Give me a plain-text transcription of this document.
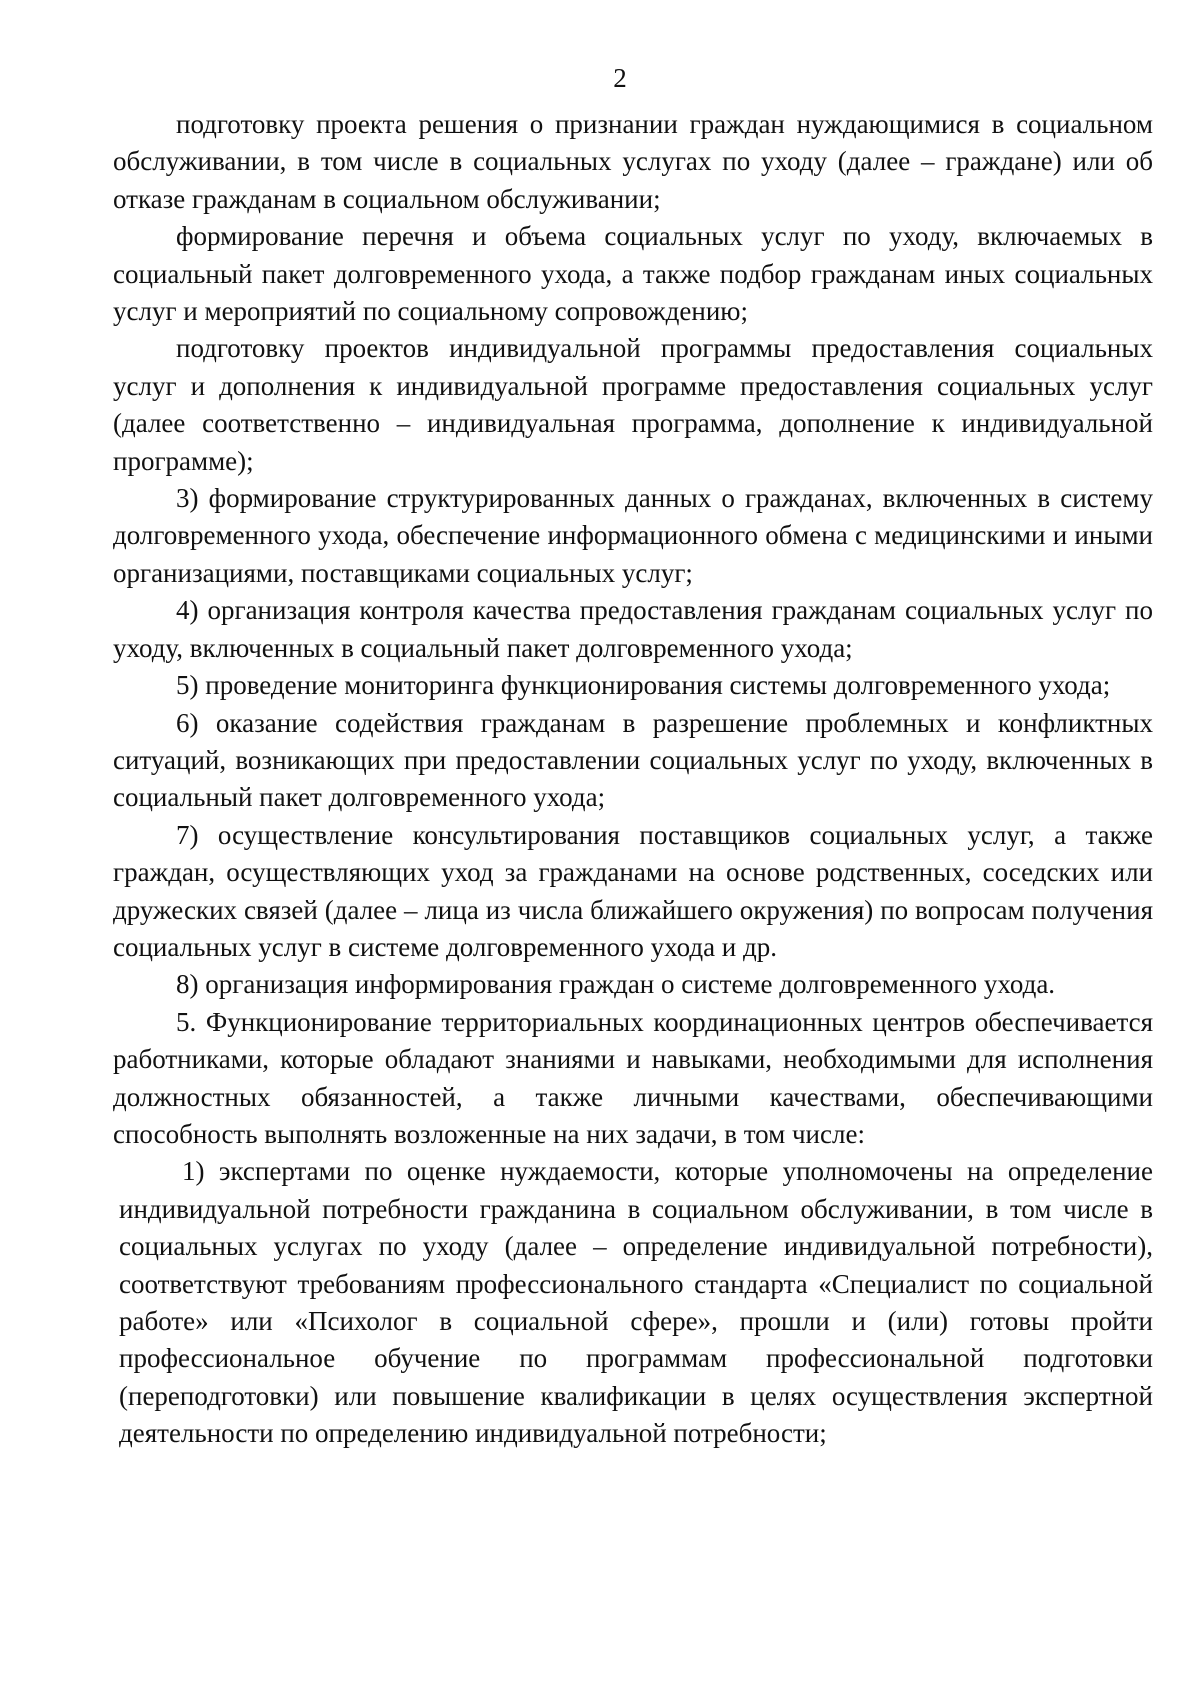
2

подготовку проекта решения о признании граждан нуждающимися в социальном обслуживании, в том числе в социальных услугах по уходу (далее – граждане) или об отказе гражданам в социальном обслуживании;

формирование перечня и объема социальных услуг по уходу, включаемых в социальный пакет долговременного ухода, а также подбор гражданам иных социальных услуг и мероприятий по социальному сопровождению;

подготовку проектов индивидуальной программы предоставления социальных услуг и дополнения к индивидуальной программе предоставления социальных услуг (далее соответственно – индивидуальная программа, дополнение к индивидуальной программе);

3) формирование структурированных данных о гражданах, включенных в систему долговременного ухода, обеспечение информационного обмена с медицинскими и иными организациями, поставщиками социальных услуг;

4) организация контроля качества предоставления гражданам социальных услуг по уходу, включенных в социальный пакет долговременного ухода;

5) проведение мониторинга функционирования системы долговременного ухода;

6) оказание содействия гражданам в разрешение проблемных и конфликтных ситуаций, возникающих при предоставлении социальных услуг по уходу, включенных в социальный пакет долговременного ухода;

7) осуществление консультирования поставщиков социальных услуг, а также граждан, осуществляющих уход за гражданами на основе родственных, соседских или дружеских связей (далее – лица из числа ближайшего окружения) по вопросам получения социальных услуг в системе долговременного ухода и др.

8) организация информирования граждан о системе долговременного ухода.

5. Функционирование территориальных координационных центров обеспечивается работниками, которые обладают знаниями и навыками, необходимыми для исполнения должностных обязанностей, а также личными качествами, обеспечивающими способность выполнять возложенные на них задачи, в том числе:

1) экспертами по оценке нуждаемости, которые уполномочены на определение индивидуальной потребности гражданина в социальном обслуживании, в том числе в социальных услугах по уходу (далее – определение индивидуальной потребности), соответствуют требованиям профессионального стандарта «Специалист по социальной работе» или «Психолог в социальной сфере», прошли и (или) готовы пройти профессиональное обучение по программам профессиональной подготовки (переподготовки) или повышение квалификации в целях осуществления экспертной деятельности по определению индивидуальной потребности;
